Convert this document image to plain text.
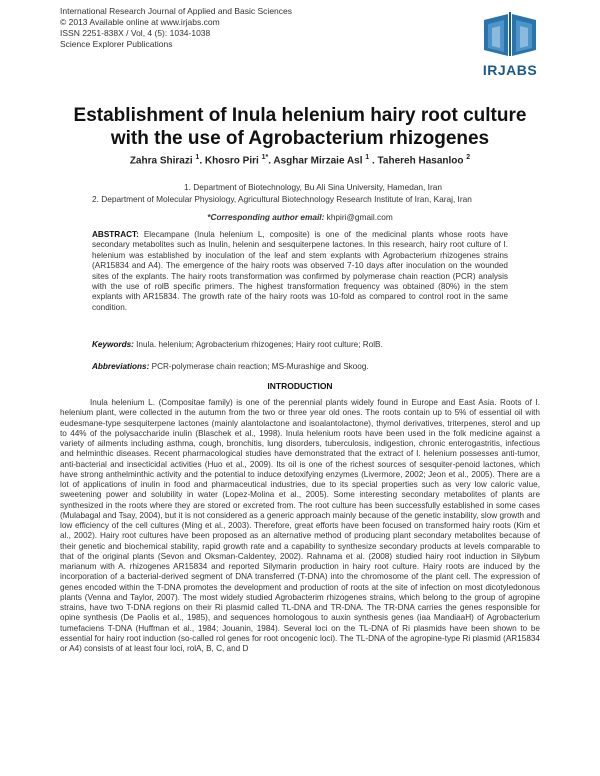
International Research Journal of Applied and Basic Sciences
© 2013 Available online at www.irjabs.com
ISSN 2251-838X / Vol, 4 (5): 1034-1038
Science Explorer Publications
IRJABS
Establishment of Inula helenium hairy root culture
with the use of Agrobacterium rhizogenes
Zahra Shirazi $^1$. Khosro Piri $^{1*}$. Asghar Mirzaie Asl $^1$ . Tahereh Hasanloo $^2$
1. Department of Biotechnology, Bu Ali Sina University, Hamedan, Iran
2. Department of Molecular Physiology, Agricultural Biotechnology Research Institute of Iran, Karaj, Iran
*Corresponding author email: khpiri@gmail.com
ABSTRACT: Elecampane (Inula helenium L, composite) is one of the medicinal plants whose roots have secondary metabolites such as Inulin, helenin and sesquiterpene lactones. In this research, hairy root culture of I. helenium was established by inoculation of the leaf and stem explants with Agrobacterium rhizogenes strains (AR15834 and A4). The emergence of the hairy roots was observed 7-10 days after inoculation on the wounded sites of the explants. The hairy roots transformation was confirmed by polymerase chain reaction (PCR) analysis with the use of rolB specific primers. The highest transformation frequency was obtained (80%) in the stem explants with AR15834. The growth rate of the hairy roots was 10-fold as compared to control root in the same condition.
Keywords: Inula. helenium; Agrobacterium rhizogenes; Hairy root culture; RolB.
Abbreviations: PCR-polymerase chain reaction; MS-Murashige and Skoog.
INTRODUCTION
Inula helenium L. (Compositae family) is one of the perennial plants widely found in Europe and East Asia. Roots of I. helenium plant, were collected in the autumn from the two or three year old ones. The roots contain up to 5% of essential oil with eudesmane-type sesquiterpene lactones (mainly alantolactone and isoalantolactone), thymol derivatives, triterpenes, sterol and up to 44% of the polysaccharide inulin (Blaschek et al., 1998). Inula helenium roots have been used in the folk medicine against a variety of ailments including asthma, cough, bronchitis, lung disorders, tuberculosis, indigestion, chronic enterogastritis, infectious and helminthic diseases. Recent pharmacological studies have demonstrated that the extract of I. helenium possesses anti-tumor, anti-bacterial and insecticidal activities (Huo et al., 2009). Its oil is one of the richest sources of sesquiter-penoid lactones, which have strong anthelminthic activity and the potential to induce detoxifying enzymes (Livermore, 2002; Jeon et al., 2005). There are a lot of applications of inulin in food and pharmaceutical industries, due to its special properties such as very low caloric value, sweetening power and solubility in water (Lopez-Molina et al., 2005). Some interesting secondary metabolites of plants are synthesized in the roots where they are stored or excreted from. The root culture has been successfully established in some cases (Mulabagal and Tsay, 2004), but it is not considered as a generic approach mainly because of the genetic instability, slow growth and low efficiency of the cell cultures (Ming et al., 2003). Therefore, great efforts have been focused on transformed hairy roots (Kim et al., 2002). Hairy root cultures have been proposed as an alternative method of producing plant secondary metabolites because of their genetic and biochemical stability, rapid growth rate and a capability to synthesize secondary products at levels comparable to that of the original plants (Sevon and Oksman-Caldentey, 2002). Rahnama et al. (2008) studied hairy root induction in Silybum marianum with A. rhizogenes AR15834 and reported Silymarin production in hairy root culture. Hairy roots are induced by the incorporation of a bacterial-derived segment of DNA transferred (T-DNA) into the chromosome of the plant cell. The expression of genes encoded within the T-DNA promotes the development and production of roots at the site of infection on most dicotyledonous plants (Venna and Taylor, 2007). The most widely studied Agrobacterim rhizogenes strains, which belong to the group of agropine strains, have two T-DNA regions on their Ri plasmid called TL-DNA and TR-DNA. The TR-DNA carries the genes responsible for opine synthesis (De Paolis et al., 1985), and sequences homologous to auxin synthesis genes (iaa MandiaaH) of Agrobacterium tumefaciens T-DNA (Huffman et al., 1984; Jouanin, 1984). Several loci on the TL-DNA of Ri plasmids have been shown to be essential for hairy root induction (so-called rol genes for root oncogenic loci). The TL-DNA of the agropine-type Ri plasmid (AR15834 or A4) consists of at least four loci, rolA, B, C, and D
